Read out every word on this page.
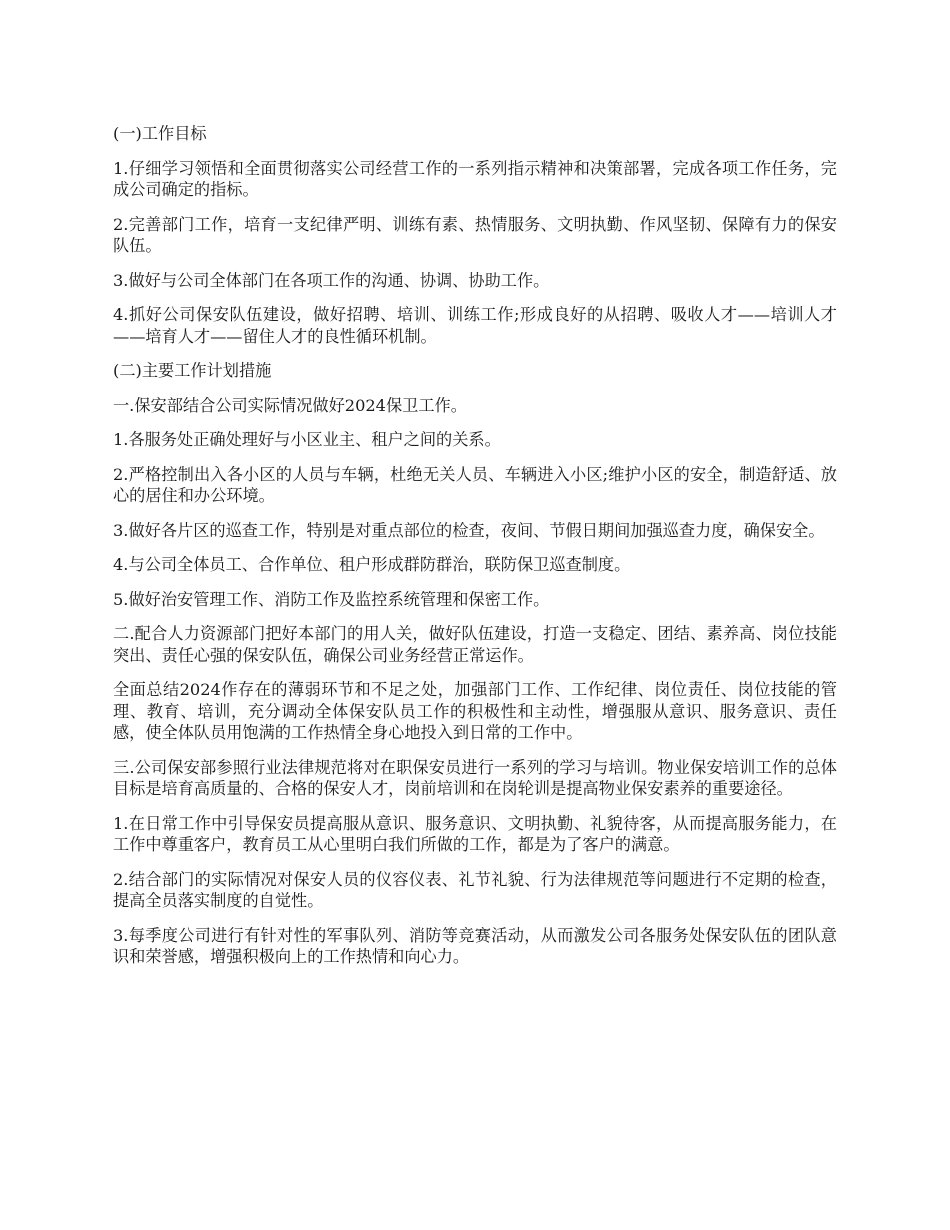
(一)工作目标

1.仔细学习领悟和全面贯彻落实公司经营工作的一系列指示精神和决策部署，完成各项工作任务，完成公司确定的指标。

2.完善部门工作，培育一支纪律严明、训练有素、热情服务、文明执勤、作风坚韧、保障有力的保安队伍。

3.做好与公司全体部门在各项工作的沟通、协调、协助工作。

4.抓好公司保安队伍建设，做好招聘、培训、训练工作;形成良好的从招聘、吸收人才——培训人才——培育人才——留住人才的良性循环机制。

(二)主要工作计划措施

一.保安部结合公司实际情况做好2024保卫工作。

1.各服务处正确处理好与小区业主、租户之间的关系。

2.严格控制出入各小区的人员与车辆，杜绝无关人员、车辆进入小区;维护小区的安全，制造舒适、放心的居住和办公环境。

3.做好各片区的巡查工作，特别是对重点部位的检查，夜间、节假日期间加强巡查力度，确保安全。

4.与公司全体员工、合作单位、租户形成群防群治，联防保卫巡查制度。

5.做好治安管理工作、消防工作及监控系统管理和保密工作。

二.配合人力资源部门把好本部门的用人关，做好队伍建设，打造一支稳定、团结、素养高、岗位技能突出、责任心强的保安队伍，确保公司业务经营正常运作。

全面总结2024作存在的薄弱环节和不足之处，加强部门工作、工作纪律、岗位责任、岗位技能的管理、教育、培训，充分调动全体保安队员工作的积极性和主动性，增强服从意识、服务意识、责任感，使全体队员用饱满的工作热情全身心地投入到日常的工作中。

三.公司保安部参照行业法律规范将对在职保安员进行一系列的学习与培训。物业保安培训工作的总体目标是培育高质量的、合格的保安人才，岗前培训和在岗轮训是提高物业保安素养的重要途径。

1.在日常工作中引导保安员提高服从意识、服务意识、文明执勤、礼貌待客，从而提高服务能力，在工作中尊重客户，教育员工从心里明白我们所做的工作，都是为了客户的满意。

2.结合部门的实际情况对保安人员的仪容仪表、礼节礼貌、行为法律规范等问题进行不定期的检查，提高全员落实制度的自觉性。

3.每季度公司进行有针对性的军事队列、消防等竞赛活动，从而激发公司各服务处保安队伍的团队意识和荣誉感，增强积极向上的工作热情和向心力。
